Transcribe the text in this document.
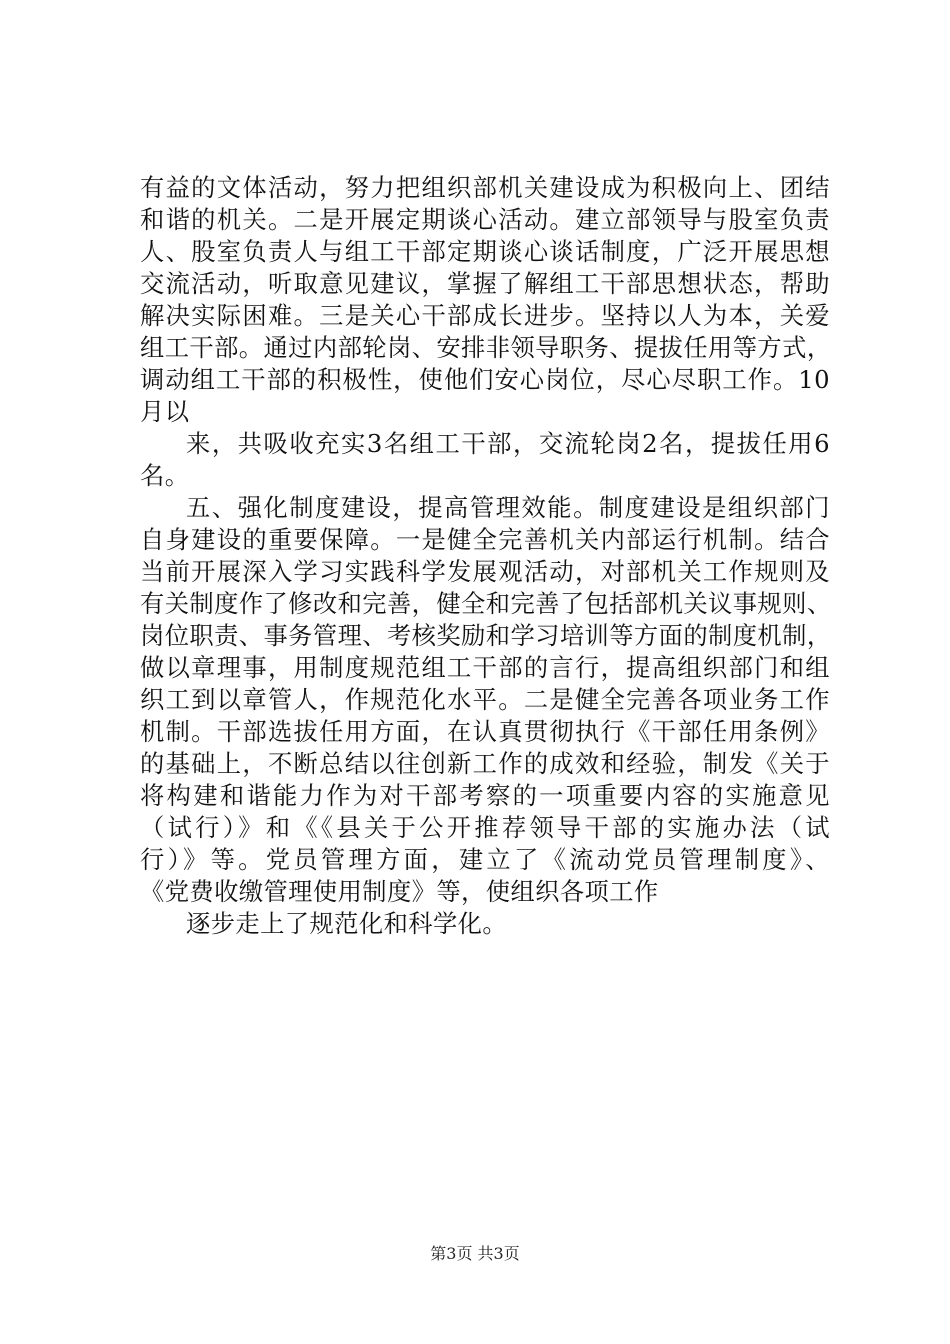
有益的文体活动，努力把组织部机关建设成为积极向上、团结
和谐的机关。二是开展定期谈心活动。建立部领导与股室负责
人、股室负责人与组工干部定期谈心谈话制度，广泛开展思想
交流活动，听取意见建议，掌握了解组工干部思想状态，帮助
解决实际困难。三是关心干部成长进步。坚持以人为本，关爱
组工干部。通过内部轮岗、安排非领导职务、提拔任用等方式，
调动组工干部的积极性，使他们安心岗位，尽心尽职工作。10
月以
来，共吸收充实3名组工干部，交流轮岗2名，提拔任用6
名。
五、强化制度建设，提高管理效能。制度建设是组织部门
自身建设的重要保障。一是健全完善机关内部运行机制。结合
当前开展深入学习实践科学发展观活动，对部机关工作规则及
有关制度作了修改和完善，健全和完善了包括部机关议事规则、
岗位职责、事务管理、考核奖励和学习培训等方面的制度机制，
做以章理事，用制度规范组工干部的言行，提高组织部门和组
织工到以章管人，作规范化水平。二是健全完善各项业务工作
机制。干部选拔任用方面，在认真贯彻执行《干部任用条例》
的基础上，不断总结以往创新工作的成效和经验，制发《关于
将构建和谐能力作为对干部考察的一项重要内容的实施意见
（试行）》和《《县关于公开推荐领导干部的实施办法（试
行）》等。党员管理方面，建立了《流动党员管理制度》、
《党费收缴管理使用制度》等，使组织各项工作
逐步走上了规范化和科学化。
第3页 共3页
